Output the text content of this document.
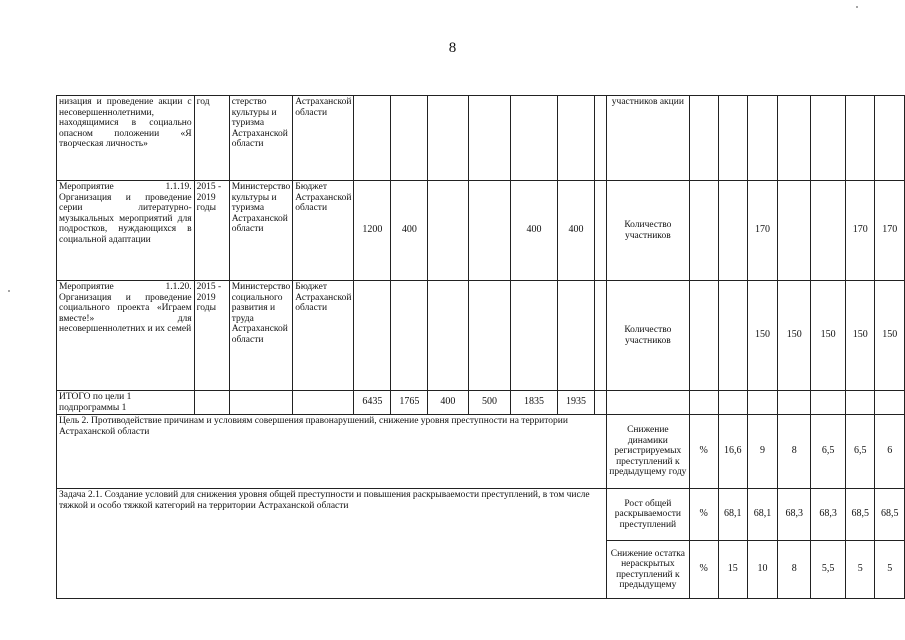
8
низация и проведение акции с несовершеннолетними, находящимися в социально опасном положении «Я творческая личность»	год	стерство культуры и туризма Астраханской области	Астраханской области								участников акции							
Мероприятие 1.1.19. Организация и проведение серии литературно-музыкальных мероприятий для подростков, нуждающихся в социальной адаптации	2015 - 2019 годы	Министерство культуры и туризма Астраханской области	Бюджет Астраханской области	1200	400			400	400		Количество участников			170			170	170
Мероприятие 1.1.20. Организация и проведение социального проекта «Играем вместе!» для несовершеннолетних и их семей	2015 - 2019 годы	Министерство социального развития и труда Астраханской области	Бюджет Астраханской области								Количество участников			150	150	150	150	150
ИТОГО по цели 1 подпрограммы 1				6435	1765	400	500	1835	1935									
Цель 2. Противодействие причинам и условиям совершения правонарушений, снижение уровня преступности на территории Астраханской области											Снижение динамики регистрируемых преступлений к предыдущему году	%	16,6	9	8	6,5	6,5	6
Задача 2.1. Создание условий для снижения уровня общей преступности и повышения раскрываемости преступлений, в том числе тяжкой и особо тяжкой категорий на территории Астраханской области											Рост общей раскрываемости преступлений	%	68,1	68,1	68,3	68,3	68,5	68,5
											Снижение остатка нераскрытых преступлений к предыдущему	%	15	10	8	5,5	5	5
